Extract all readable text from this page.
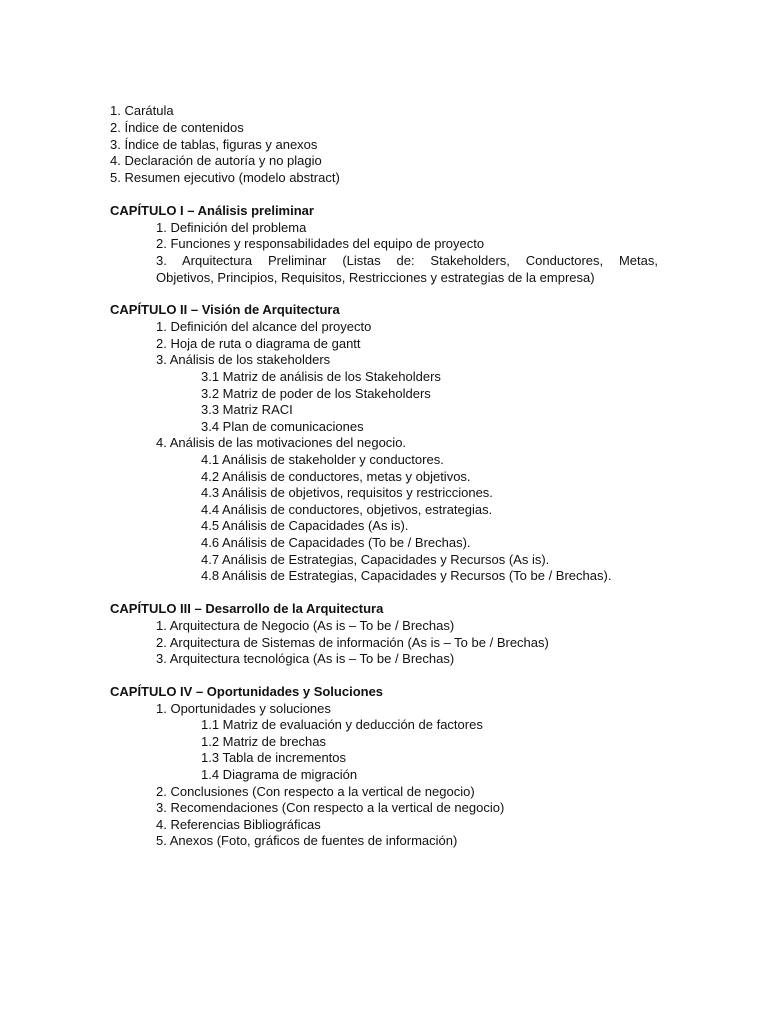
1. Carátula
2. Índice de contenidos
3. Índice de tablas, figuras y anexos
4. Declaración de autoría y no plagio
5. Resumen ejecutivo (modelo abstract)
CAPÍTULO I – Análisis preliminar
1. Definición del problema
2. Funciones y responsabilidades del equipo de proyecto
3. Arquitectura Preliminar (Listas de: Stakeholders, Conductores, Metas,
Objetivos, Principios, Requisitos, Restricciones y estrategias de la empresa)
CAPÍTULO II – Visión de Arquitectura
1. Definición del alcance del proyecto
2. Hoja de ruta o diagrama de gantt
3. Análisis de los stakeholders
3.1 Matriz de análisis de los Stakeholders
3.2 Matriz de poder de los Stakeholders
3.3 Matriz RACI
3.4 Plan de comunicaciones
4. Análisis de las motivaciones del negocio.
4.1 Análisis de stakeholder y conductores.
4.2 Análisis de conductores, metas y objetivos.
4.3 Análisis de objetivos, requisitos y restricciones.
4.4 Análisis de conductores, objetivos, estrategias.
4.5 Análisis de Capacidades (As is).
4.6 Análisis de Capacidades (To be / Brechas).
4.7 Análisis de Estrategias, Capacidades y Recursos (As is).
4.8 Análisis de Estrategias, Capacidades y Recursos (To be / Brechas).
CAPÍTULO III – Desarrollo de la Arquitectura
1. Arquitectura de Negocio (As is – To be / Brechas)
2. Arquitectura de Sistemas de información (As is – To be / Brechas)
3. Arquitectura tecnológica (As is – To be / Brechas)
CAPÍTULO IV – Oportunidades y Soluciones
1. Oportunidades y soluciones
1.1 Matriz de evaluación y deducción de factores
1.2 Matriz de brechas
1.3 Tabla de incrementos
1.4 Diagrama de migración
2. Conclusiones (Con respecto a la vertical de negocio)
3. Recomendaciones (Con respecto a la vertical de negocio)
4. Referencias Bibliográficas
5. Anexos (Foto, gráficos de fuentes de información)
